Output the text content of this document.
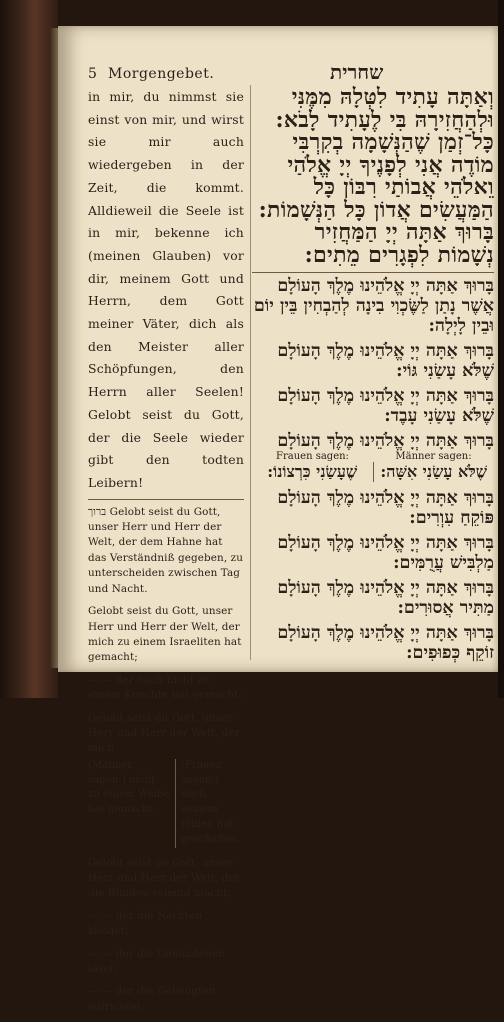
5 Morgengebet.	שחרית

in mir, du nimmst sie einst von mir, und wirst sie mir auch wiedergeben in der Zeit, die kommt. Alldieweil die Seele ist in mir, bekenne ich (meinen Glauben) vor dir, meinem Gott und Herrn, dem Gott meiner Väter, dich als den Meister aller Schöpfungen, den Herrn aller Seelen! Gelobt seist du Gott, der die Seele wieder gibt den todten Leibern!

ברוך Gelobt seist du Gott, unser Herr und Herr der Welt, der dem Hahne hat das Verständniß gegeben, zu unterscheiden zwischen Tag und Nacht.

Gelobt seist du Gott, unser Herr und Herr der Welt, der mich zu einem Israeliten hat gemacht;

— — der mich nicht zu einem Knechte hat gemacht;

Gelobt seist du Gott, unser Herr und Herr der Welt, der mich

(Männer sagen:) nicht zu einem Weibe hat gemacht.
(Frauen sagen:) nach seinem Willen hat geschaffen.

Gelobt seist du Gott, unser Herr und Herr der Welt, der die Blinden sehend macht;

— — der die Nackten kleidet;

— — der die Gebundenen löset;

— — der die Gebeugten aufrichtet;

וְאַתָּה עָתִיד לִטְּלָהּ מִמֶּנִּי וּלְהַחֲזִירָהּ בִּי לֶעָתִיד לָבֹא: כָּל־זְמַן שֶׁהַנְּשָׁמָה בְקִרְבִּי מוֹדֶה אֲנִי לְפָנֶיךָ יְיָ אֱלֹהַי וֵאלֹהֵי אֲבוֹתַי רִבּוֹן כָּל הַמַּעֲשִׂים אֲדוֹן כָּל הַנְּשָׁמוֹת: בָּרוּךְ אַתָּה יְיָ הַמַּחֲזִיר נְשָׁמוֹת לִפְגָרִים מֵתִים:

בָּרוּךְ אַתָּה יְיָ אֱלֹהֵינוּ מֶלֶךְ הָעוֹלָם אֲשֶׁר נָתַן לַשֶּׂכְוִי בִינָה לְהַבְחִין בֵּין יוֹם וּבֵין לָיְלָה:

בָּרוּךְ אַתָּה יְיָ אֱלֹהֵינוּ מֶלֶךְ הָעוֹלָם שֶׁלֹּא עָשַׂנִי גּוֹי:

בָּרוּךְ אַתָּה יְיָ אֱלֹהֵינוּ מֶלֶךְ הָעוֹלָם שֶׁלֹּא עָשַׂנִי עָבֶד:

בָּרוּךְ אַתָּה יְיָ אֱלֹהֵינוּ מֶלֶךְ הָעוֹלָם

Frauen sagen:	Männer sagen:
שֶׁלֹּא עָשַׂנִי אִשָּׁה:
שֶׁעָשַׂנִי כִּרְצוֹנוֹ:

בָּרוּךְ אַתָּה יְיָ אֱלֹהֵינוּ מֶלֶךְ הָעוֹלָם פּוֹקֵחַ עִוְרִים:

בָּרוּךְ אַתָּה יְיָ אֱלֹהֵינוּ מֶלֶךְ הָעוֹלָם מַלְבִּישׁ עֲרֻמִּים:

בָּרוּךְ אַתָּה יְיָ אֱלֹהֵינוּ מֶלֶךְ הָעוֹלָם מַתִּיר אֲסוּרִים:

בָּרוּךְ אַתָּה יְיָ אֱלֹהֵינוּ מֶלֶךְ הָעוֹלָם זוֹקֵף כְּפוּפִים:
